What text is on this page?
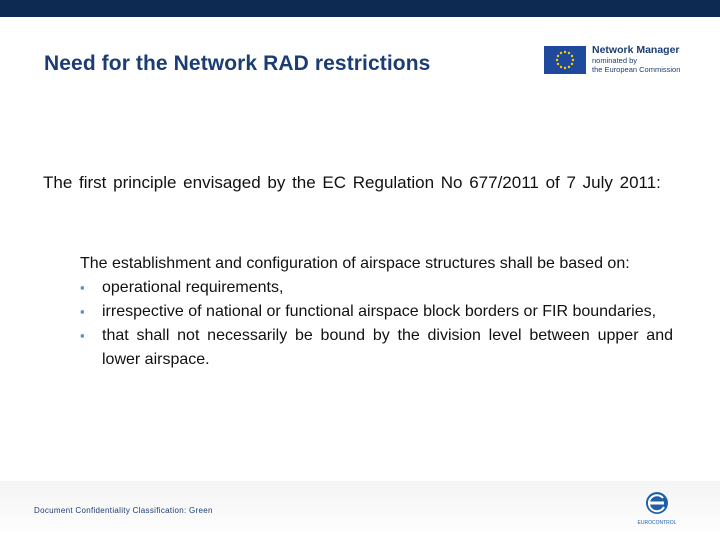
Need for the Network RAD restrictions
Network Manager
nominated by
the European Commission
The first principle envisaged by the EC Regulation No 677/2011 of 7 July 2011:

The establishment and configuration of airspace structures shall be based on:

▪ operational requirements,
▪ irrespective of national or functional airspace block borders or FIR boundaries,
▪ that shall not necessarily be bound by the division level between upper and lower airspace.
Document Confidentiality Classification: Green
EUROCONTROL
